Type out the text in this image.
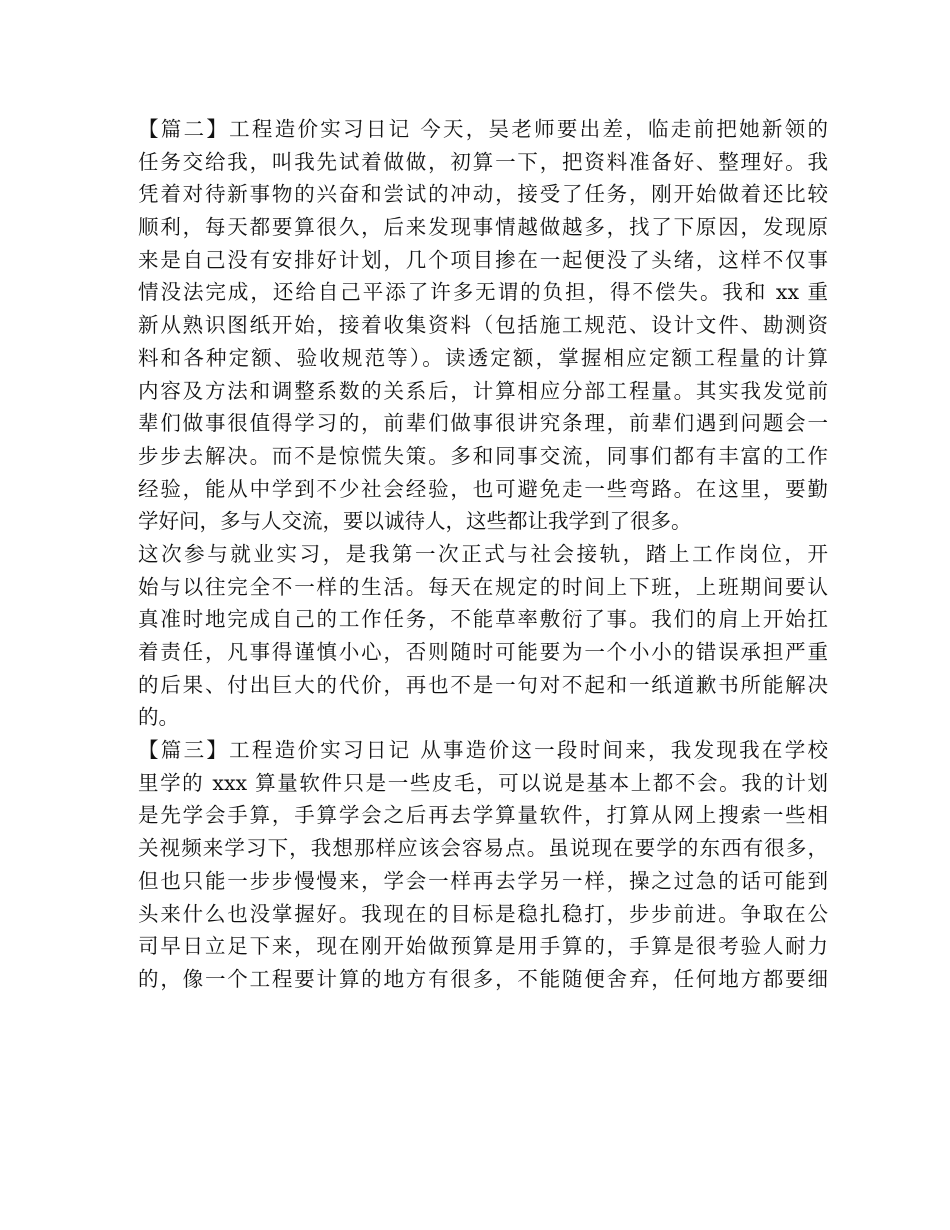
【篇二】工程造价实习日记 今天，吴老师要出差，临走前把她新领的
任务交给我，叫我先试着做做，初算一下，把资料准备好、整理好。我
凭着对待新事物的兴奋和尝试的冲动，接受了任务，刚开始做着还比较
顺利，每天都要算很久，后来发现事情越做越多，找了下原因，发现原
来是自己没有安排好计划，几个项目掺在一起便没了头绪，这样不仅事
情没法完成，还给自己平添了许多无谓的负担，得不偿失。我和 xx 重
新从熟识图纸开始，接着收集资料（包括施工规范、设计文件、勘测资
料和各种定额、验收规范等）。读透定额，掌握相应定额工程量的计算
内容及方法和调整系数的关系后，计算相应分部工程量。其实我发觉前
辈们做事很值得学习的，前辈们做事很讲究条理，前辈们遇到问题会一
步步去解决。而不是惊慌失策。多和同事交流，同事们都有丰富的工作
经验，能从中学到不少社会经验，也可避免走一些弯路。在这里，要勤
学好问，多与人交流，要以诚待人，这些都让我学到了很多。
这次参与就业实习，是我第一次正式与社会接轨，踏上工作岗位，开
始与以往完全不一样的生活。每天在规定的时间上下班，上班期间要认
真准时地完成自己的工作任务，不能草率敷衍了事。我们的肩上开始扛
着责任，凡事得谨慎小心，否则随时可能要为一个小小的错误承担严重
的后果、付出巨大的代价，再也不是一句对不起和一纸道歉书所能解决
的。
【篇三】工程造价实习日记 从事造价这一段时间来，我发现我在学校
里学的 xxx 算量软件只是一些皮毛，可以说是基本上都不会。我的计划
是先学会手算，手算学会之后再去学算量软件，打算从网上搜索一些相
关视频来学习下，我想那样应该会容易点。虽说现在要学的东西有很多，
但也只能一步步慢慢来，学会一样再去学另一样，操之过急的话可能到
头来什么也没掌握好。我现在的目标是稳扎稳打，步步前进。争取在公
司早日立足下来，现在刚开始做预算是用手算的，手算是很考验人耐力
的，像一个工程要计算的地方有很多，不能随便舍弃，任何地方都要细
